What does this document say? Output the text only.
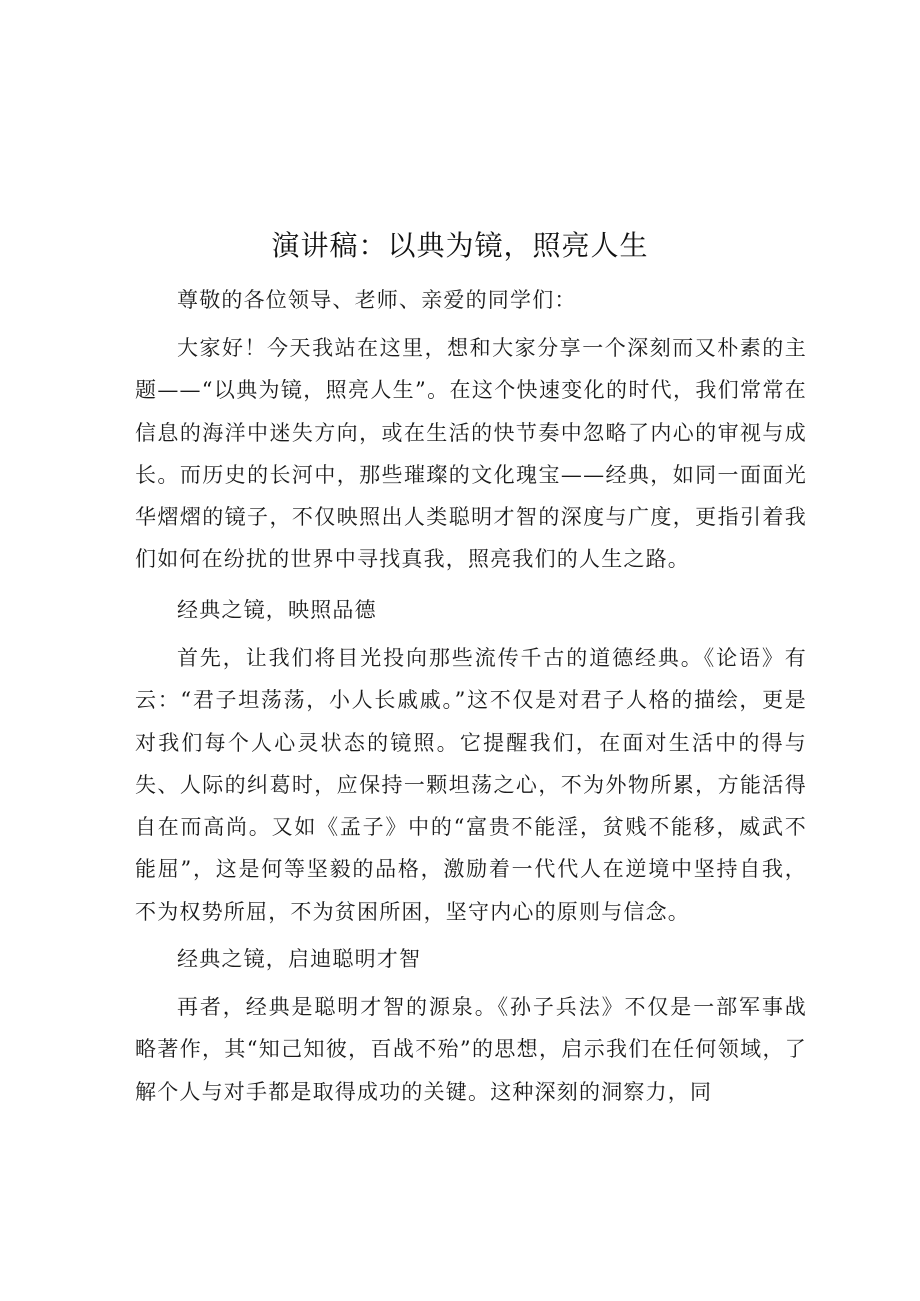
演讲稿：以典为镜，照亮人生

尊敬的各位领导、老师、亲爱的同学们：

大家好！今天我站在这里，想和大家分享一个深刻而又朴素的主题——“以典为镜，照亮人生”。在这个快速变化的时代，我们常常在信息的海洋中迷失方向，或在生活的快节奏中忽略了内心的审视与成长。而历史的长河中，那些璀璨的文化瑰宝——经典，如同一面面光华熠熠的镜子，不仅映照出人类聪明才智的深度与广度，更指引着我们如何在纷扰的世界中寻找真我，照亮我们的人生之路。

经典之镜，映照品德

首先，让我们将目光投向那些流传千古的道德经典。《论语》有云：“君子坦荡荡，小人长戚戚。”这不仅是对君子人格的描绘，更是对我们每个人心灵状态的镜照。它提醒我们，在面对生活中的得与失、人际的纠葛时，应保持一颗坦荡之心，不为外物所累，方能活得自在而高尚。又如《孟子》中的“富贵不能淫，贫贱不能移，威武不能屈”，这是何等坚毅的品格，激励着一代代人在逆境中坚持自我，不为权势所屈，不为贫困所困，坚守内心的原则与信念。

经典之镜，启迪聪明才智

再者，经典是聪明才智的源泉。《孙子兵法》不仅是一部军事战略著作，其“知己知彼，百战不殆”的思想，启示我们在任何领域，了解个人与对手都是取得成功的关键。这种深刻的洞察力，同
